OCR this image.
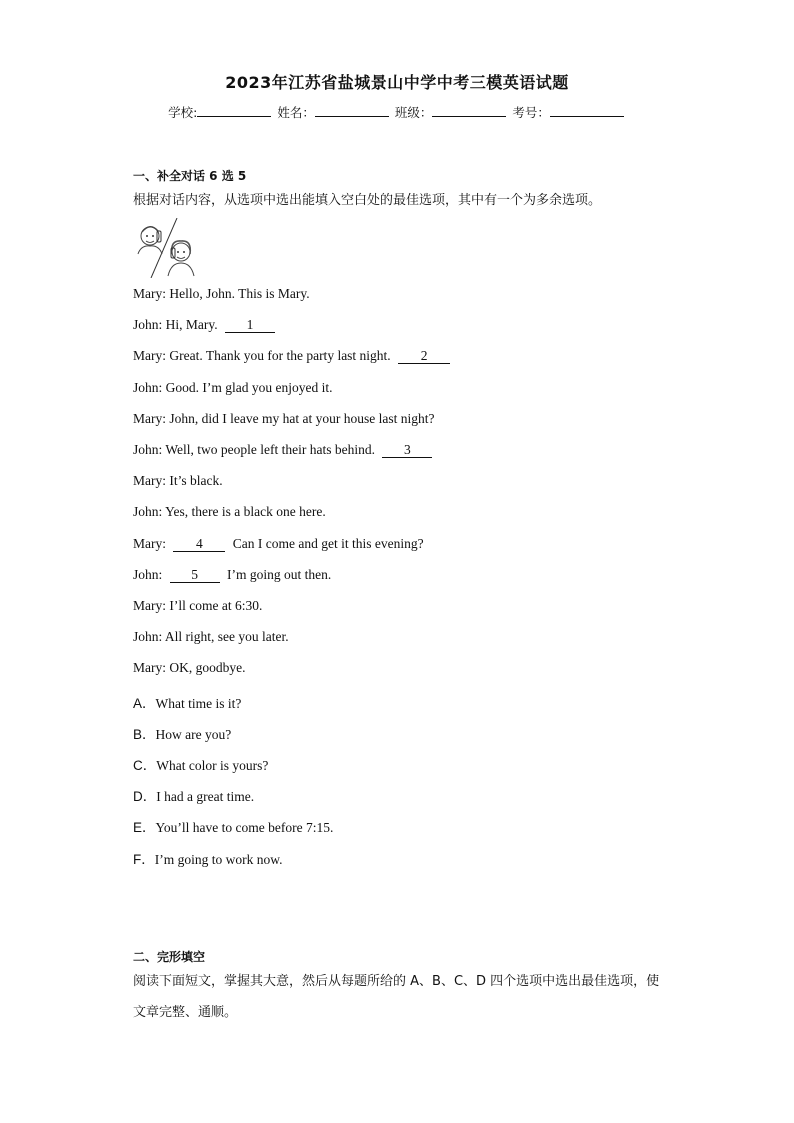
2023年江苏省盐城景山中学中考三模英语试题
学校:	姓名：	班级：	考号：
一、补全对话 6 选 5
根据对话内容，从选项中选出能填入空白处的最佳选项，其中有一个为多余选项。
Mary: Hello, John. This is Mary.
John: Hi, Mary. 1
Mary: Great. Thank you for the party last night. 2
John: Good. I’m glad you enjoyed it.
Mary: John, did I leave my hat at your house last night?
John: Well, two people left their hats behind. 3
Mary: It’s black.
John: Yes, there is a black one here.
Mary: 4 Can I come and get it this evening?
John: 5 I’m going out then.
Mary: I’ll come at 6:30.
John: All right, see you later.
Mary: OK, goodbye.
A．What time is it?
B．How are you?
C．What color is yours?
D．I had a great time.
E．You’ll have to come before 7:15.
F．I’m going to work now.
二、完形填空
阅读下面短文，掌握其大意，然后从每题所给的 A、B、C、D 四个选项中选出最佳选项，使文章完整、通顺。
